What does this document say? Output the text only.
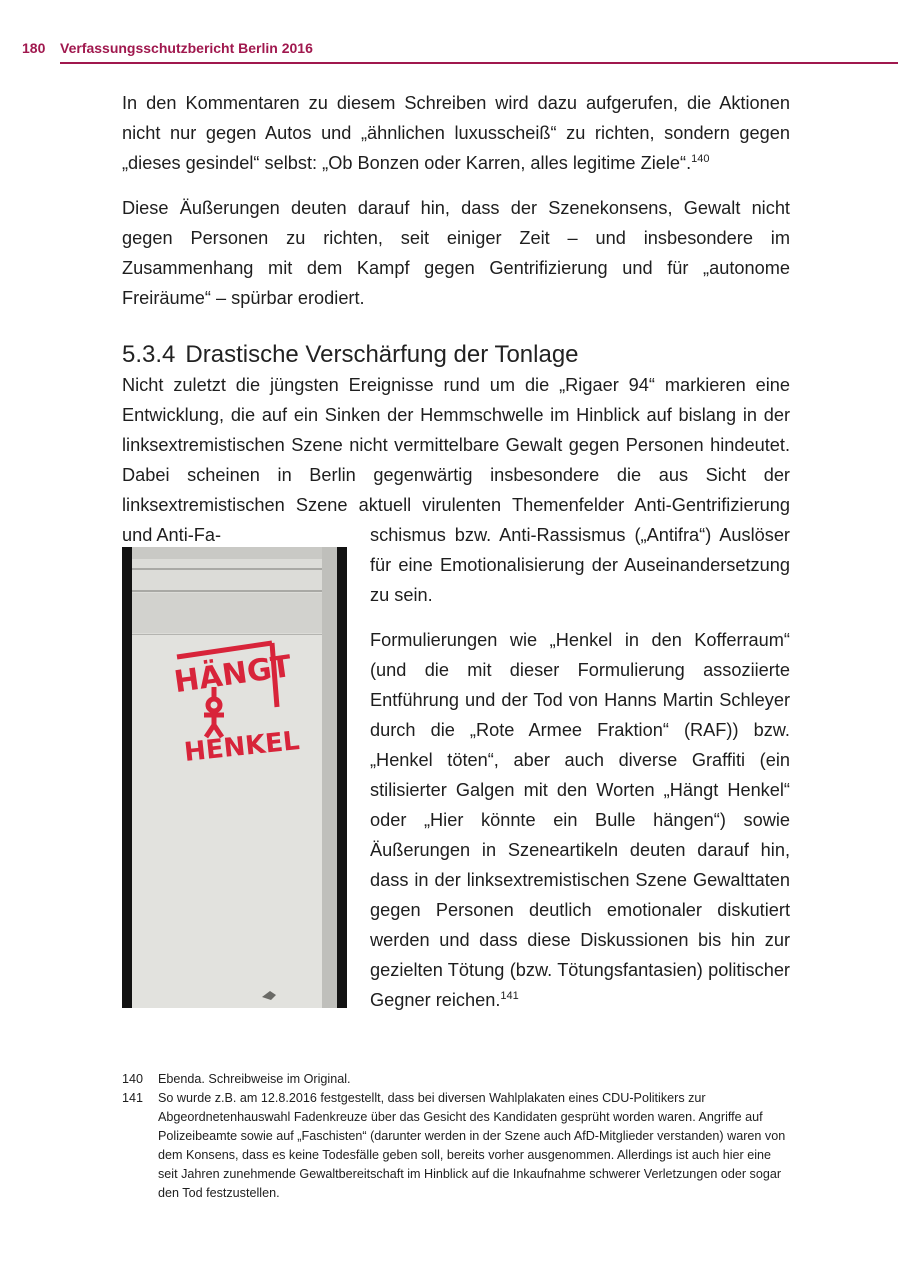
180 Verfassungsschutzbericht Berlin 2016

In den Kommentaren zu diesem Schreiben wird dazu aufgerufen, die Aktionen nicht nur gegen Autos und „ähnlichen luxusscheiß“ zu richten, sondern gegen „dieses gesindel“ selbst: „Ob Bonzen oder Karren, alles legitime Ziele“.$^{140}$

Diese Äußerungen deuten darauf hin, dass der Szenekonsens, Gewalt nicht gegen Personen zu richten, seit einiger Zeit – und insbesondere im Zusammenhang mit dem Kampf gegen Gentrifizierung und für „autonome Freiräume“ – spürbar erodiert.

5.3.4 Drastische Verschärfung der Tonlage

Nicht zuletzt die jüngsten Ereignisse rund um die „Rigaer 94“ markieren eine Entwicklung, die auf ein Sinken der Hemmschwelle im Hinblick auf bislang in der linksextremistischen Szene nicht vermittelbare Gewalt gegen Personen hindeutet. Dabei scheinen in Berlin gegenwärtig insbesondere die aus Sicht der linksextremistischen Szene aktuell virulenten Themenfelder Anti-Gentrifizierung und Anti-Fa-

HÄNGT
HENKEL

schismus bzw. Anti-Rassismus („Antifra“) Auslöser für eine Emotionalisierung der Auseinandersetzung zu sein.

Formulierungen wie „Henkel in den Kofferraum“ (und die mit dieser Formulierung assoziierte Entführung und der Tod von Hanns Martin Schleyer durch die „Rote Armee Fraktion“ (RAF)) bzw. „Henkel töten“, aber auch diverse Graffiti (ein stilisierter Galgen mit den Worten „Hängt Henkel“ oder „Hier könnte ein Bulle hängen“) sowie Äußerungen in Szeneartikeln deuten darauf hin, dass in der linksextremistischen Szene Gewalttaten gegen Personen deutlich emotionaler diskutiert werden und dass diese Diskussionen bis hin zur gezielten Tötung (bzw. Tötungsfantasien) politischer Gegner reichen.$^{141}$

140 Ebenda. Schreibweise im Original.
141 So wurde z.B. am 12.8.2016 festgestellt, dass bei diversen Wahlplakaten eines CDU-Politikers zur Abgeordnetenhauswahl Fadenkreuze über das Gesicht des Kandidaten gesprüht worden waren. Angriffe auf Polizeibeamte sowie auf „Faschisten“ (darunter werden in der Szene auch AfD-Mitglieder verstanden) waren von dem Konsens, dass es keine Todesfälle geben soll, bereits vorher ausgenommen. Allerdings ist auch hier eine seit Jahren zunehmende Gewaltbereitschaft im Hinblick auf die Inkaufnahme schwerer Verletzungen oder sogar den Tod festzustellen.
